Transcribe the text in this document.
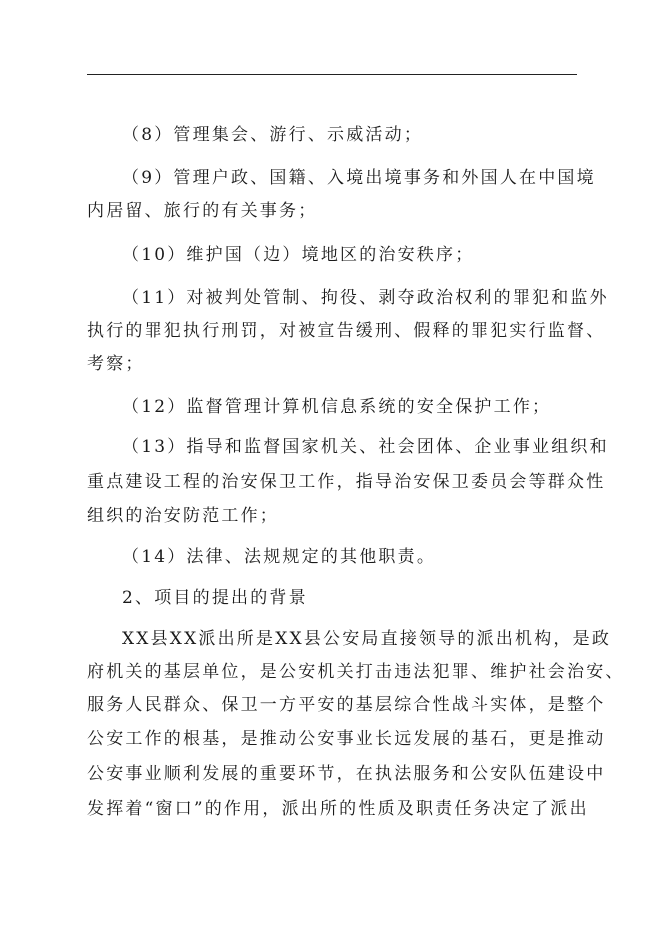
（8）管理集会、游行、示威活动；
（9）管理户政、国籍、入境出境事务和外国人在中国境
内居留、旅行的有关事务；
（10）维护国（边）境地区的治安秩序；
（11）对被判处管制、拘役、剥夺政治权利的罪犯和监外
执行的罪犯执行刑罚，对被宣告缓刑、假释的罪犯实行监督、
考察；
（12）监督管理计算机信息系统的安全保护工作；
（13）指导和监督国家机关、社会团体、企业事业组织和
重点建设工程的治安保卫工作，指导治安保卫委员会等群众性
组织的治安防范工作；
（14）法律、法规规定的其他职责。
2、项目的提出的背景
XX县XX派出所是XX县公安局直接领导的派出机构，是政
府机关的基层单位，是公安机关打击违法犯罪、维护社会治安、
服务人民群众、保卫一方平安的基层综合性战斗实体，是整个
公安工作的根基，是推动公安事业长远发展的基石，更是推动
公安事业顺利发展的重要环节，在执法服务和公安队伍建设中
发挥着“窗口”的作用，派出所的性质及职责任务决定了派出
